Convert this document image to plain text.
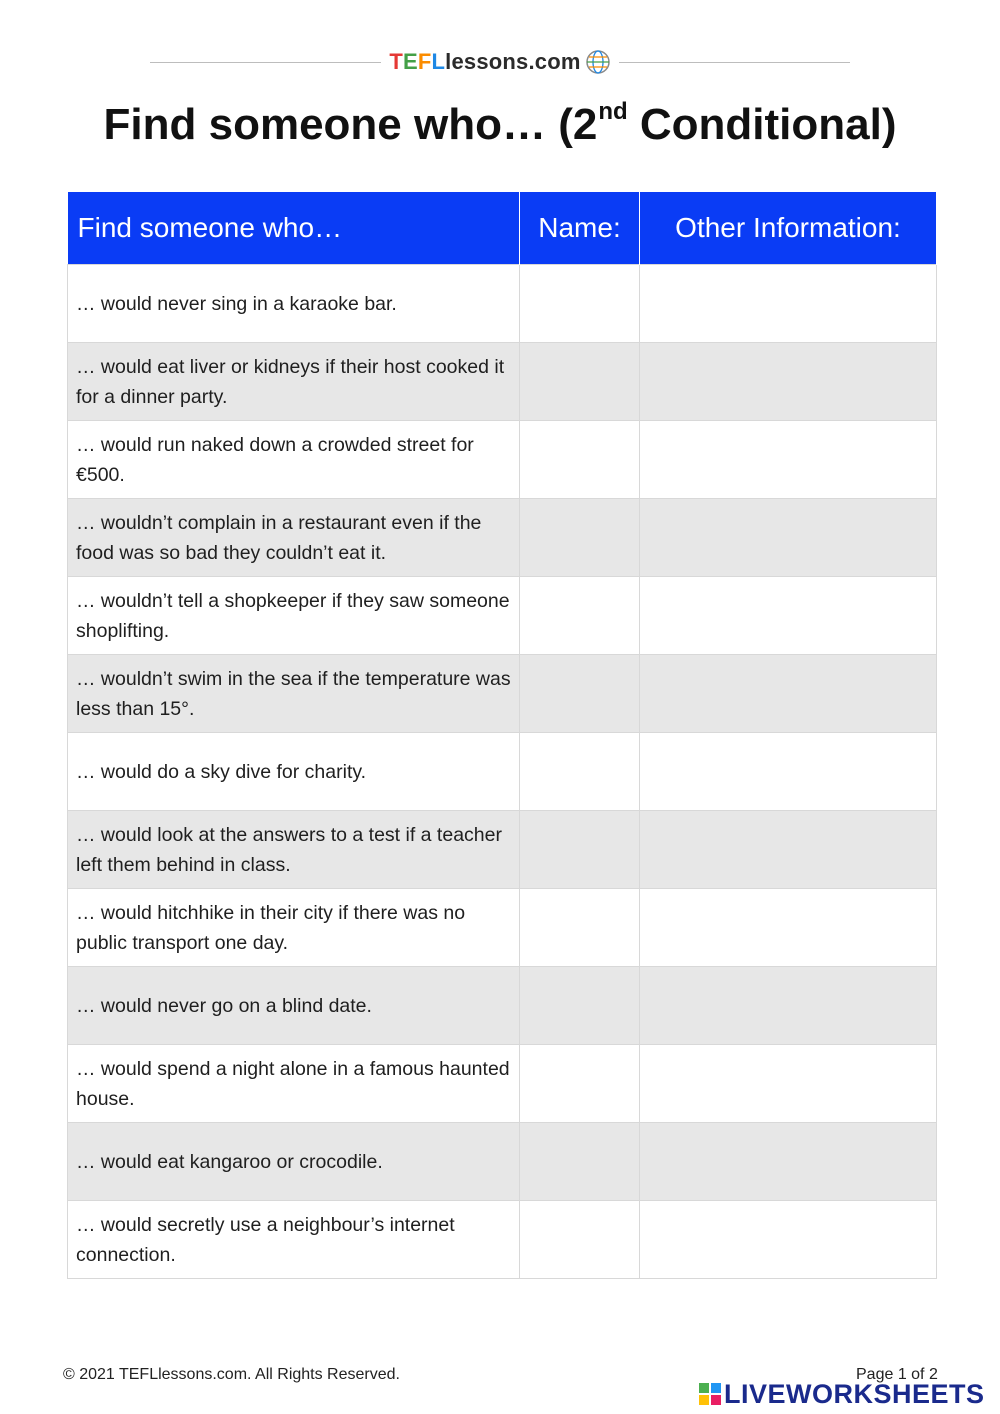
T E F L lessons.com
Find someone who… (2nd Conditional)
Find someone who…	Name:	Other Information:
… would never sing in a karaoke bar.		
… would eat liver or kidneys if their host cooked it for a dinner party.		
… would run naked down a crowded street for €500.		
… wouldn’t complain in a restaurant even if the food was so bad they couldn’t eat it.		
… wouldn’t tell a shopkeeper if they saw someone shoplifting.		
… wouldn’t swim in the sea if the temperature was less than 15°.		
… would do a sky dive for charity.		
… would look at the answers to a test if a teacher left them behind in class.		
… would hitchhike in their city if there was no public transport one day.		
… would never go on a blind date.		
… would spend a night alone in a famous haunted house.		
… would eat kangaroo or crocodile.		
… would secretly use a neighbour’s internet connection.		
© 2021 TEFLlessons.com. All Rights Reserved.	Page 1 of 2
LIVEWORKSHEETS
